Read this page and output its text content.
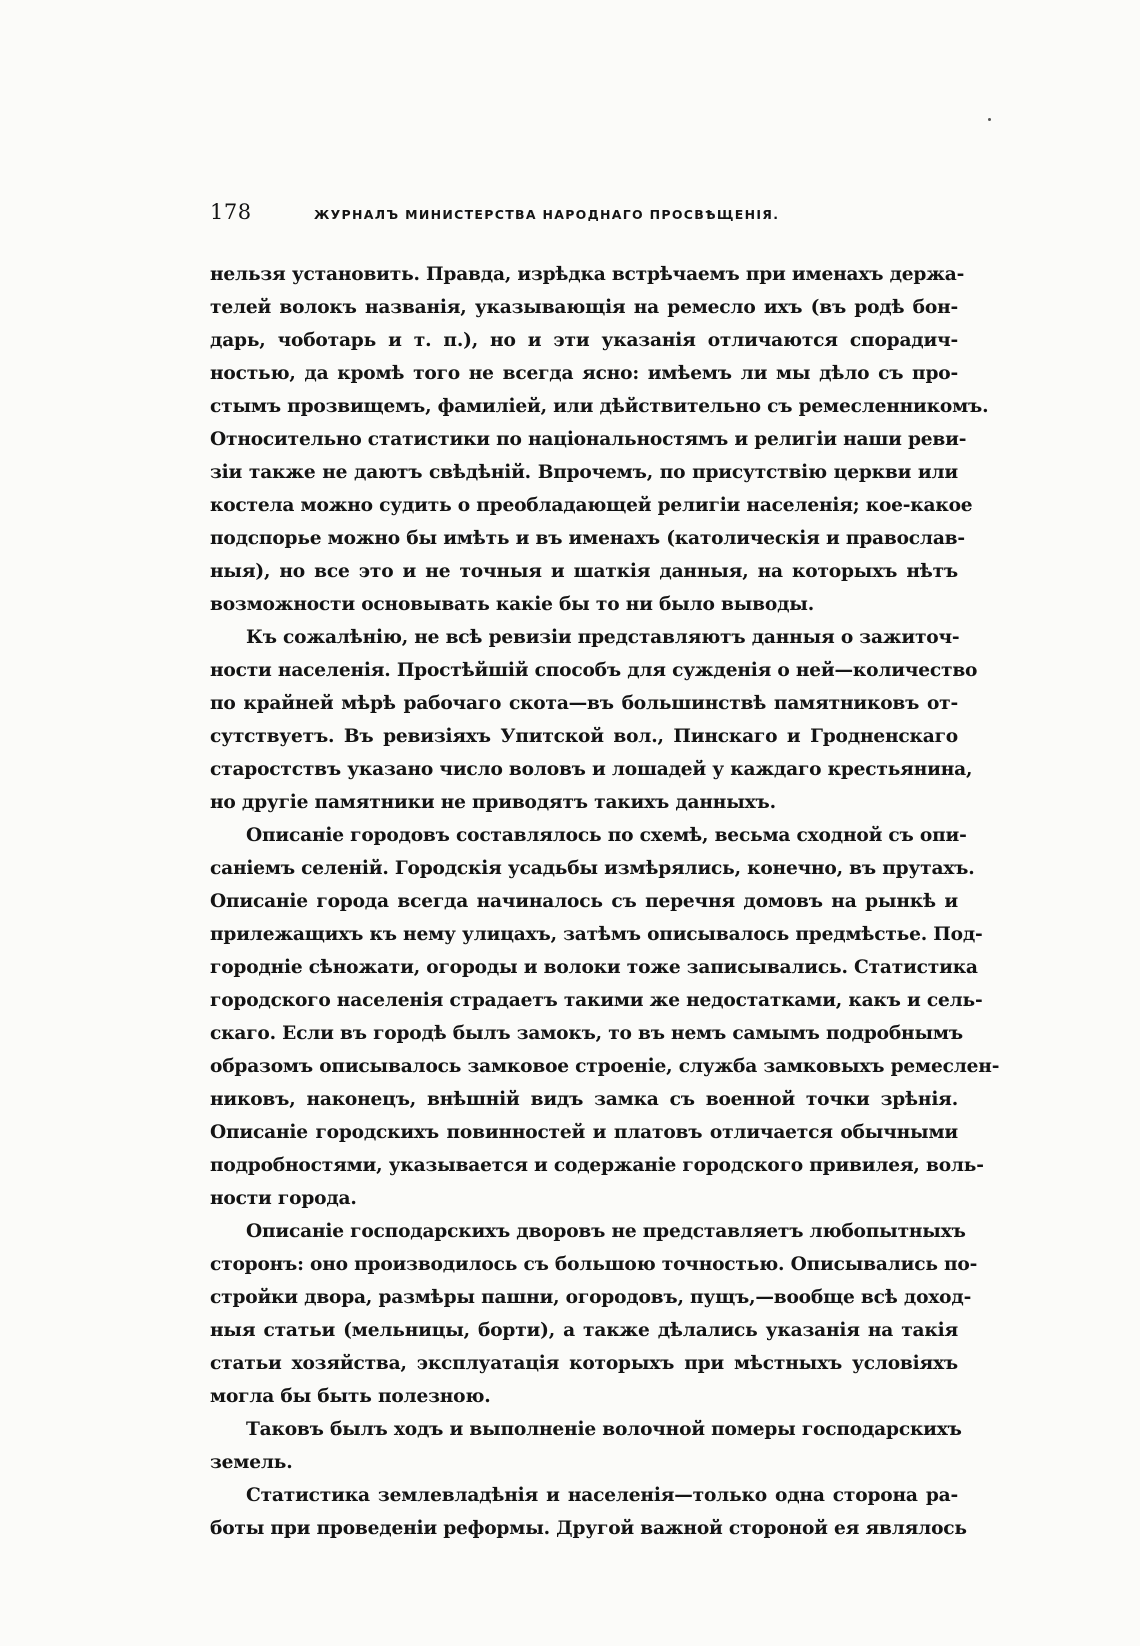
178	ЖУРНАЛЪ МИНИСТЕРСТВА НАРОДНАГО ПРОСВѢЩЕНІЯ.
нельзя установить. Правда, изрѣдка встрѣчаемъ при именахъ держа-
телей волокъ названія, указывающія на ремесло ихъ (въ родѣ бон-
дарь, чоботарь и т. п.), но и эти указанія отличаются спорадич-
ностью, да кромѣ того не всегда ясно: имѣемъ ли мы дѣло съ про-
стымъ прозвищемъ, фамиліей, или дѣйствительно съ ремесленникомъ.
Относительно статистики по національностямъ и религіи наши реви-
зіи также не даютъ свѣдѣній. Впрочемъ, по присутствію церкви или
костела можно судить о преобладающей религіи населенія; кое-какое
подспорье можно бы имѣть и въ именахъ (католическія и православ-
ныя), но все это и не точныя и шаткія данныя, на которыхъ нѣтъ
возможности основывать какіе бы то ни было выводы.
Къ сожалѣнію, не всѣ ревизіи представляютъ данныя о зажиточ-
ности населенія. Простѣйшій способъ для сужденія о ней—количество
по крайней мѣрѣ рабочаго скота—въ большинствѣ памятниковъ от-
сутствуетъ. Въ ревизіяхъ Упитской вол., Пинскаго и Гродненскаго
старостствъ указано число воловъ и лошадей у каждаго крестьянина,
но другіе памятники не приводятъ такихъ данныхъ.
Описаніе городовъ составлялось по схемѣ, весьма сходной съ опи-
саніемъ селеній. Городскія усадьбы измѣрялись, конечно, въ прутахъ.
Описаніе города всегда начиналось съ перечня домовъ на рынкѣ и
прилежащихъ къ нему улицахъ, затѣмъ описывалось предмѣстье. Под-
городніе сѣножати, огороды и волоки тоже записывались. Статистика
городского населенія страдаетъ такими же недостатками, какъ и сель-
скаго. Если въ городѣ былъ замокъ, то въ немъ самымъ подробнымъ
образомъ описывалось замковое строеніе, служба замковыхъ ремеслен-
никовъ, наконецъ, внѣшній видъ замка съ военной точки зрѣнія.
Описаніе городскихъ повинностей и платовъ отличается обычными
подробностями, указывается и содержаніе городского привилея, воль-
ности города.
Описаніе господарскихъ дворовъ не представляетъ любопытныхъ
сторонъ: оно производилось съ большою точностью. Описывались по-
стройки двора, размѣры пашни, огородовъ, пущъ,—вообще всѣ доход-
ныя статьи (мельницы, борти), а также дѣлались указанія на такія
статьи хозяйства, эксплуатація которыхъ при мѣстныхъ условіяхъ
могла бы быть полезною.
Таковъ былъ ходъ и выполненіе волочной померы господарскихъ
земель.
Статистика землевладѣнія и населенія—только одна сторона ра-
боты при проведеніи реформы. Другой важной стороной ея являлось
